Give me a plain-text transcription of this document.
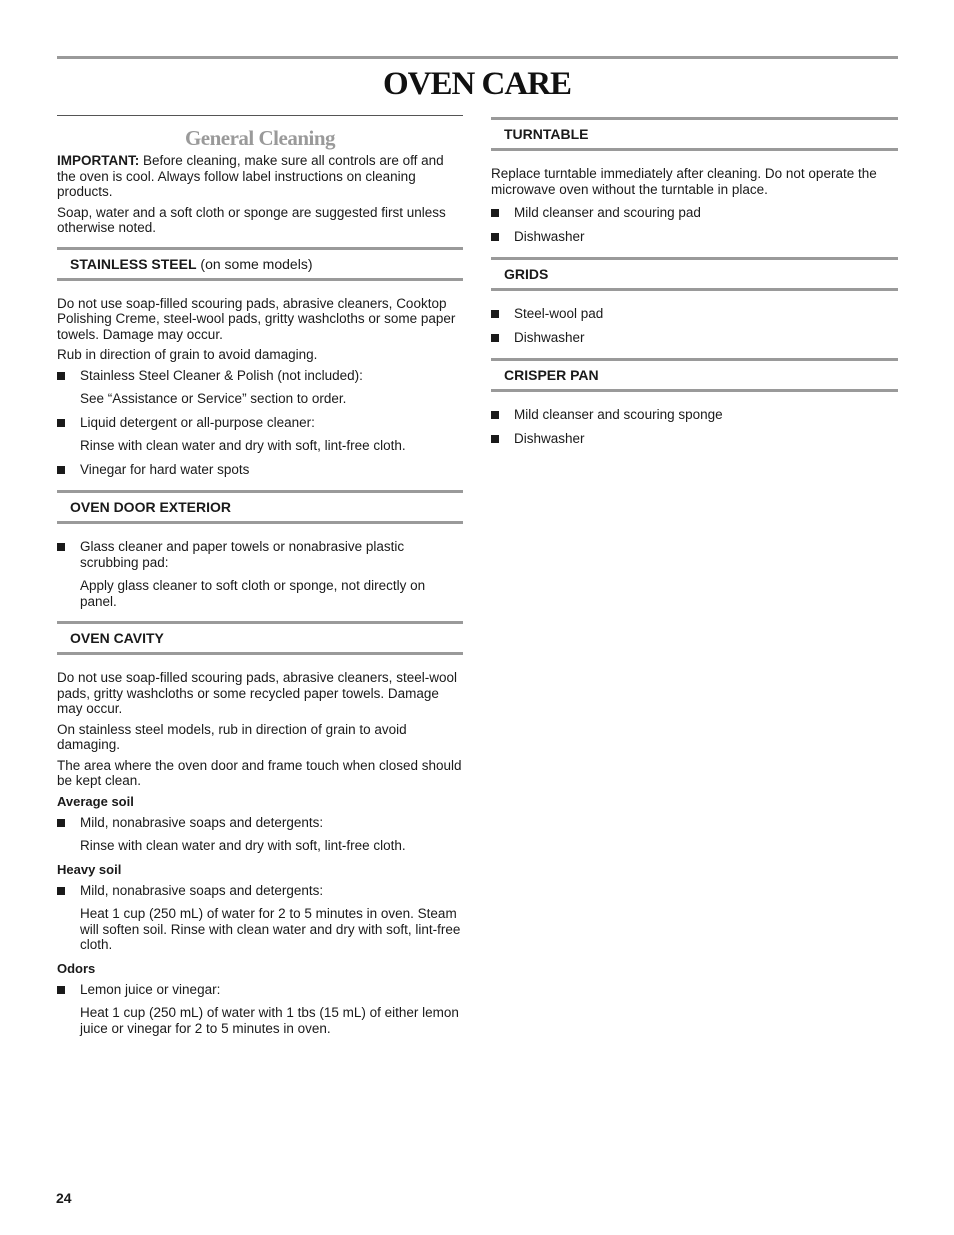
OVEN CARE
General Cleaning

IMPORTANT: Before cleaning, make sure all controls are off and the oven is cool. Always follow label instructions on cleaning products.

Soap, water and a soft cloth or sponge are suggested first unless otherwise noted.

STAINLESS STEEL (on some models)

Do not use soap-filled scouring pads, abrasive cleaners, Cooktop Polishing Creme, steel-wool pads, gritty washcloths or some paper towels. Damage may occur.

Rub in direction of grain to avoid damaging.

Stainless Steel Cleaner & Polish (not included):
See “Assistance or Service” section to order.
Liquid detergent or all-purpose cleaner:
Rinse with clean water and dry with soft, lint-free cloth.
Vinegar for hard water spots
OVEN DOOR EXTERIOR
Glass cleaner and paper towels or nonabrasive plastic scrubbing pad:
Apply glass cleaner to soft cloth or sponge, not directly on panel.
OVEN CAVITY

Do not use soap-filled scouring pads, abrasive cleaners, steel-wool pads, gritty washcloths or some recycled paper towels. Damage may occur.

On stainless steel models, rub in direction of grain to avoid damaging.

The area where the oven door and frame touch when closed should be kept clean.

Average soil
Mild, nonabrasive soaps and detergents:
Rinse with clean water and dry with soft, lint-free cloth.
Heavy soil
Mild, nonabrasive soaps and detergents:
Heat 1 cup (250 mL) of water for 2 to 5 minutes in oven. Steam will soften soil. Rinse with clean water and dry with soft, lint-free cloth.
Odors
Lemon juice or vinegar:
Heat 1 cup (250 mL) of water with 1 tbs (15 mL) of either lemon juice or vinegar for 2 to 5 minutes in oven.
TURNTABLE

Replace turntable immediately after cleaning. Do not operate the microwave oven without the turntable in place.

Mild cleanser and scouring pad
Dishwasher
GRIDS
Steel-wool pad
Dishwasher
CRISPER PAN
Mild cleanser and scouring sponge
Dishwasher
24
